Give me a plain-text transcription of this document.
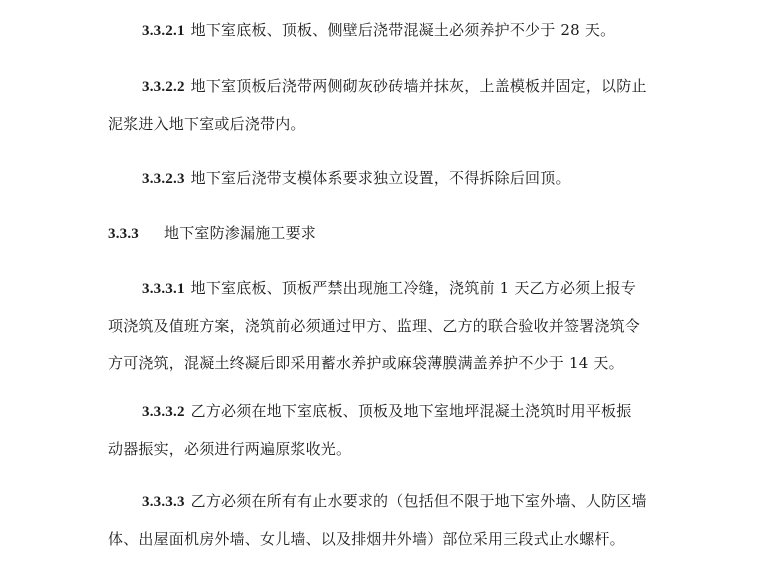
3.3.2.1 地下室底板、顶板、侧壁后浇带混凝土必须养护不少于 28 天。

3.3.2.2 地下室顶板后浇带两侧砌灰砂砖墙并抹灰，上盖模板并固定，以防止
泥浆进入地下室或后浇带内。

3.3.2.3 地下室后浇带支模体系要求独立设置，不得拆除后回顶。

3.3.3 地下室防渗漏施工要求

3.3.3.1 地下室底板、顶板严禁出现施工冷缝，浇筑前 1 天乙方必须上报专
项浇筑及值班方案，浇筑前必须通过甲方、监理、乙方的联合验收并签署浇筑令
方可浇筑，混凝土终凝后即采用蓄水养护或麻袋薄膜满盖养护不少于 14 天。

3.3.3.2 乙方必须在地下室底板、顶板及地下室地坪混凝土浇筑时用平板振
动器振实，必须进行两遍原浆收光。

3.3.3.3 乙方必须在所有有止水要求的（包括但不限于地下室外墙、人防区墙
体、出屋面机房外墙、女儿墙、以及排烟井外墙）部位采用三段式止水螺杆。
